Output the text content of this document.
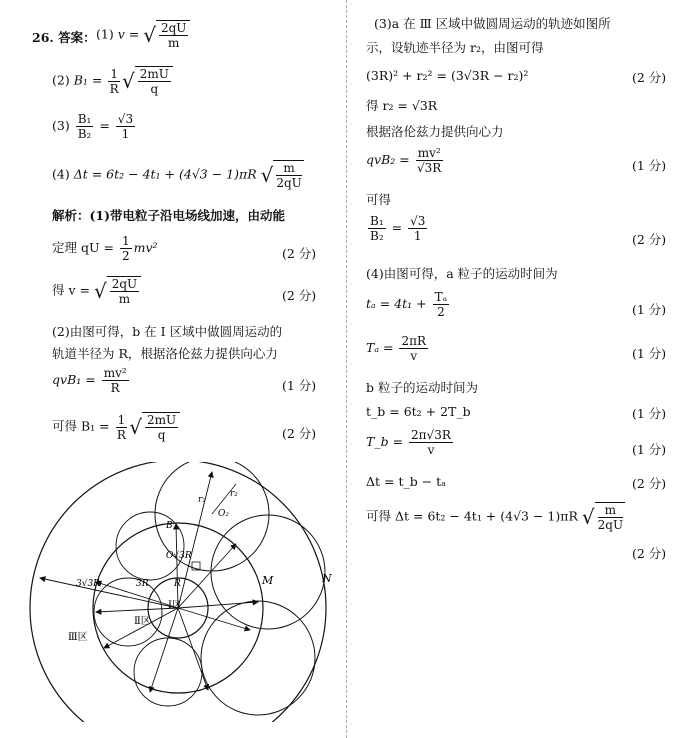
26. 答案： (1) v = √ $\frac{2qU}{m}$
(2) $B_1 = \frac{1}{R}$ √ $\frac{2mU}{q}$
$(3) \frac{\text{B₁}}{\text{B₂}} = \frac{√3}{1}$
(4) Δt = 6t₂ − 4t₁ + (4√3 − 1)πR √ $\frac{m}{2qU}$
解析：(1)带电粒子沿电场线加速，由动能
定理 qU = $\frac{1}{2} mv^2$	(2 分)
得 v = √ $\frac{2qU}{m}$	(2 分)
(2)由图可得，b 在 Ⅰ 区域中做圆周运动的
轨道半径为 R，根据洛伦兹力提供向心力
$qvB_1 = \frac{\text{mv²}}{R}$	(1 分)
可得 $B_1 = \frac{1}{R}$ √ $\frac{2mU}{q}$	(2 分)
N
M
Ⅰ区
Ⅱ区
Ⅲ区
3√3R	3R
O√3R
R
B
O₂
r₂
r₂
(3)a 在 Ⅲ 区域中做圆周运动的轨迹如图所
示，设轨迹半径为 r₂，由图可得
(3R)² + r₂² = (3√3R − r₂)²	(2 分)
得 r₂ = √3R
根据洛伦兹力提供向心力
$qvB_2 = \frac{\text{mv²}}{√3R}$	(1 分)
可得
$\frac{\text{B₁}}{\text{B₂}} = \frac{√3}{1}$	(2 分)
(4)由图可得，a 粒子的运动时间为
$t_a = 4t_1 + \frac{\text{Tₐ}}{2}$	(1 分)
$T_a = \frac{2\pi R}{v}$	(1 分)
b 粒子的运动时间为
t_b = 6t₂ + 2T_b	(1 分)
T_b = $\frac{2\pi√3R}{v}$	(1 分)
Δt = t_b − tₐ	(2 分)
可得 Δt = 6t₂ − 4t₁ + (4√3 − 1)πR √ $\frac{m}{2qU}$
(2 分)
